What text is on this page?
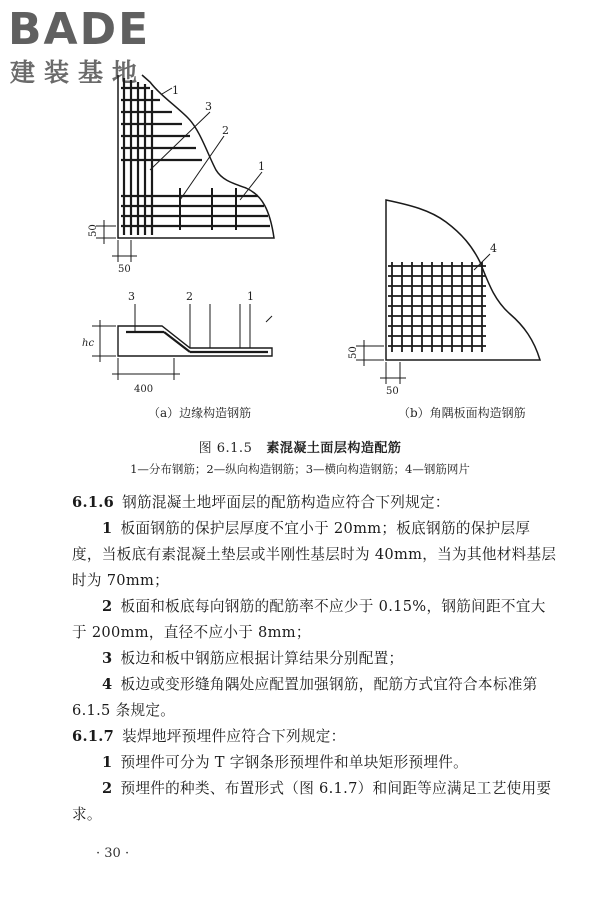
BADE
建装基地
1
3
2
1
50
50
3	2	1
hc
400
4
50
50
（a）边缘构造钢筋	（b）角隅板面构造钢筋
图 6.1.5 素混凝土面层构造配筋
1—分布钢筋；2—纵向构造钢筋；3—横向构造钢筋；4—钢筋网片

6.1.6 钢筋混凝土地坪面层的配筋构造应符合下列规定：

1 板面钢筋的保护层厚度不宜小于 20mm；板底钢筋的保护层厚度，当板底有素混凝土垫层或半刚性基层时为 40mm，当为其他材料基层时为 70mm；

2 板面和板底每向钢筋的配筋率不应少于 0.15%，钢筋间距不宜大于 200mm，直径不应小于 8mm；

3 板边和板中钢筋应根据计算结果分别配置；

4 板边或变形缝角隅处应配置加强钢筋，配筋方式宜符合本标准第 6.1.5 条规定。

6.1.7 装焊地坪预埋件应符合下列规定：

1 预埋件可分为 T 字钢条形预埋件和单块矩形预埋件。

2 预埋件的种类、布置形式（图 6.1.7）和间距等应满足工艺使用要求。

· 30 ·
